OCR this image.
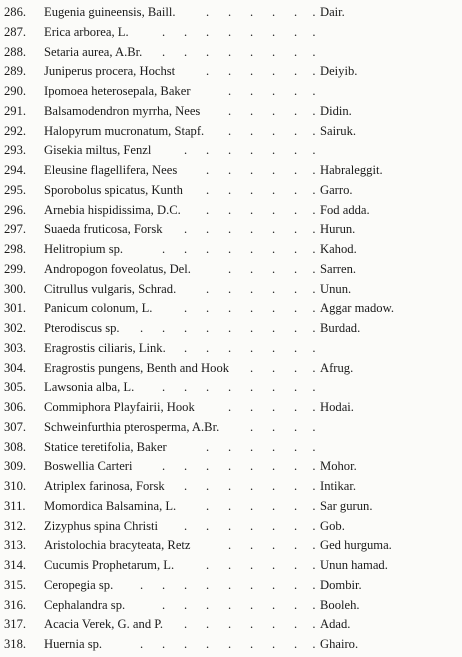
286.	Eugenia guineensis, Baill.	. Dair.
. . . . .
287.	Erica arborea, L.	.
. . . . . . .
288.	Setaria aurea, A.Br.	.
. . . . . . .
289.	Juniperus procera, Hochst	. Deiyib.
. . . . .
290.	Ipomoea heterosepala, Baker	.
. . . .
291.	Balsamodendron myrrha, Nees	. Didin.
. . . .
292.	Halopyrum mucronatum, Stapf.	. Sairuk.
. . . .
293.	Gisekia miltus, Fenzl	.
. . . . . .
294.	Eleusine flagellifera, Nees	. Habraleggit.
. . . . .
295.	Sporobolus spicatus, Kunth	. Garro.
. . . . .
296.	Arnebia hispidissima, D.C.	. Fod adda.
. . . . .
297.	Suaeda fruticosa, Forsk	. Hurun.
. . . . . .
298.	Helitropium sp.	. Kahod.
. . . . . . .
299.	Andropogon foveolatus, Del.	. Sarren.
. . . .
300.	Citrullus vulgaris, Schrad.	. Unun.
. . . . .
301.	Panicum colonum, L.	. Aggar madow.
. . . . . .
302.	Pterodiscus sp.	. Burdad.
. . . . . . . .
303.	Eragrostis ciliaris, Link.	.
. . . . . .
304.	Eragrostis pungens, Benth and Hook	. Afrug.
. . .
305.	Lawsonia alba, L.	.
. . . . . . .
306.	Commiphora Playfairii, Hook	. Hodai.
. . . .
307.	Schweinfurthia pterosperma, A.Br.	.
. . .
308.	Statice teretifolia, Baker	.
. . . . .
309.	Boswellia Carteri	. Mohor.
. . . . . . .
310.	Atriplex farinosa, Forsk	. Intikar.
. . . . . .
311.	Momordica Balsamina, L.	. Sar gurun.
. . . . .
312.	Zizyphus spina Christi	. Gob.
. . . . . .
313.	Aristolochia bracyteata, Retz	. Ged hurguma.
. . . .
314.	Cucumis Prophetarum, L.	. Unun hamad.
. . . . .
315.	Ceropegia sp.	. Dombir.
. . . . . . . .
316.	Cephalandra sp.	. Booleh.
. . . . . . .
317.	Acacia Verek, G. and P.	. Adad.
. . . . . .
318.	Huernia sp.	. Ghairo.
. . . . . . . .
